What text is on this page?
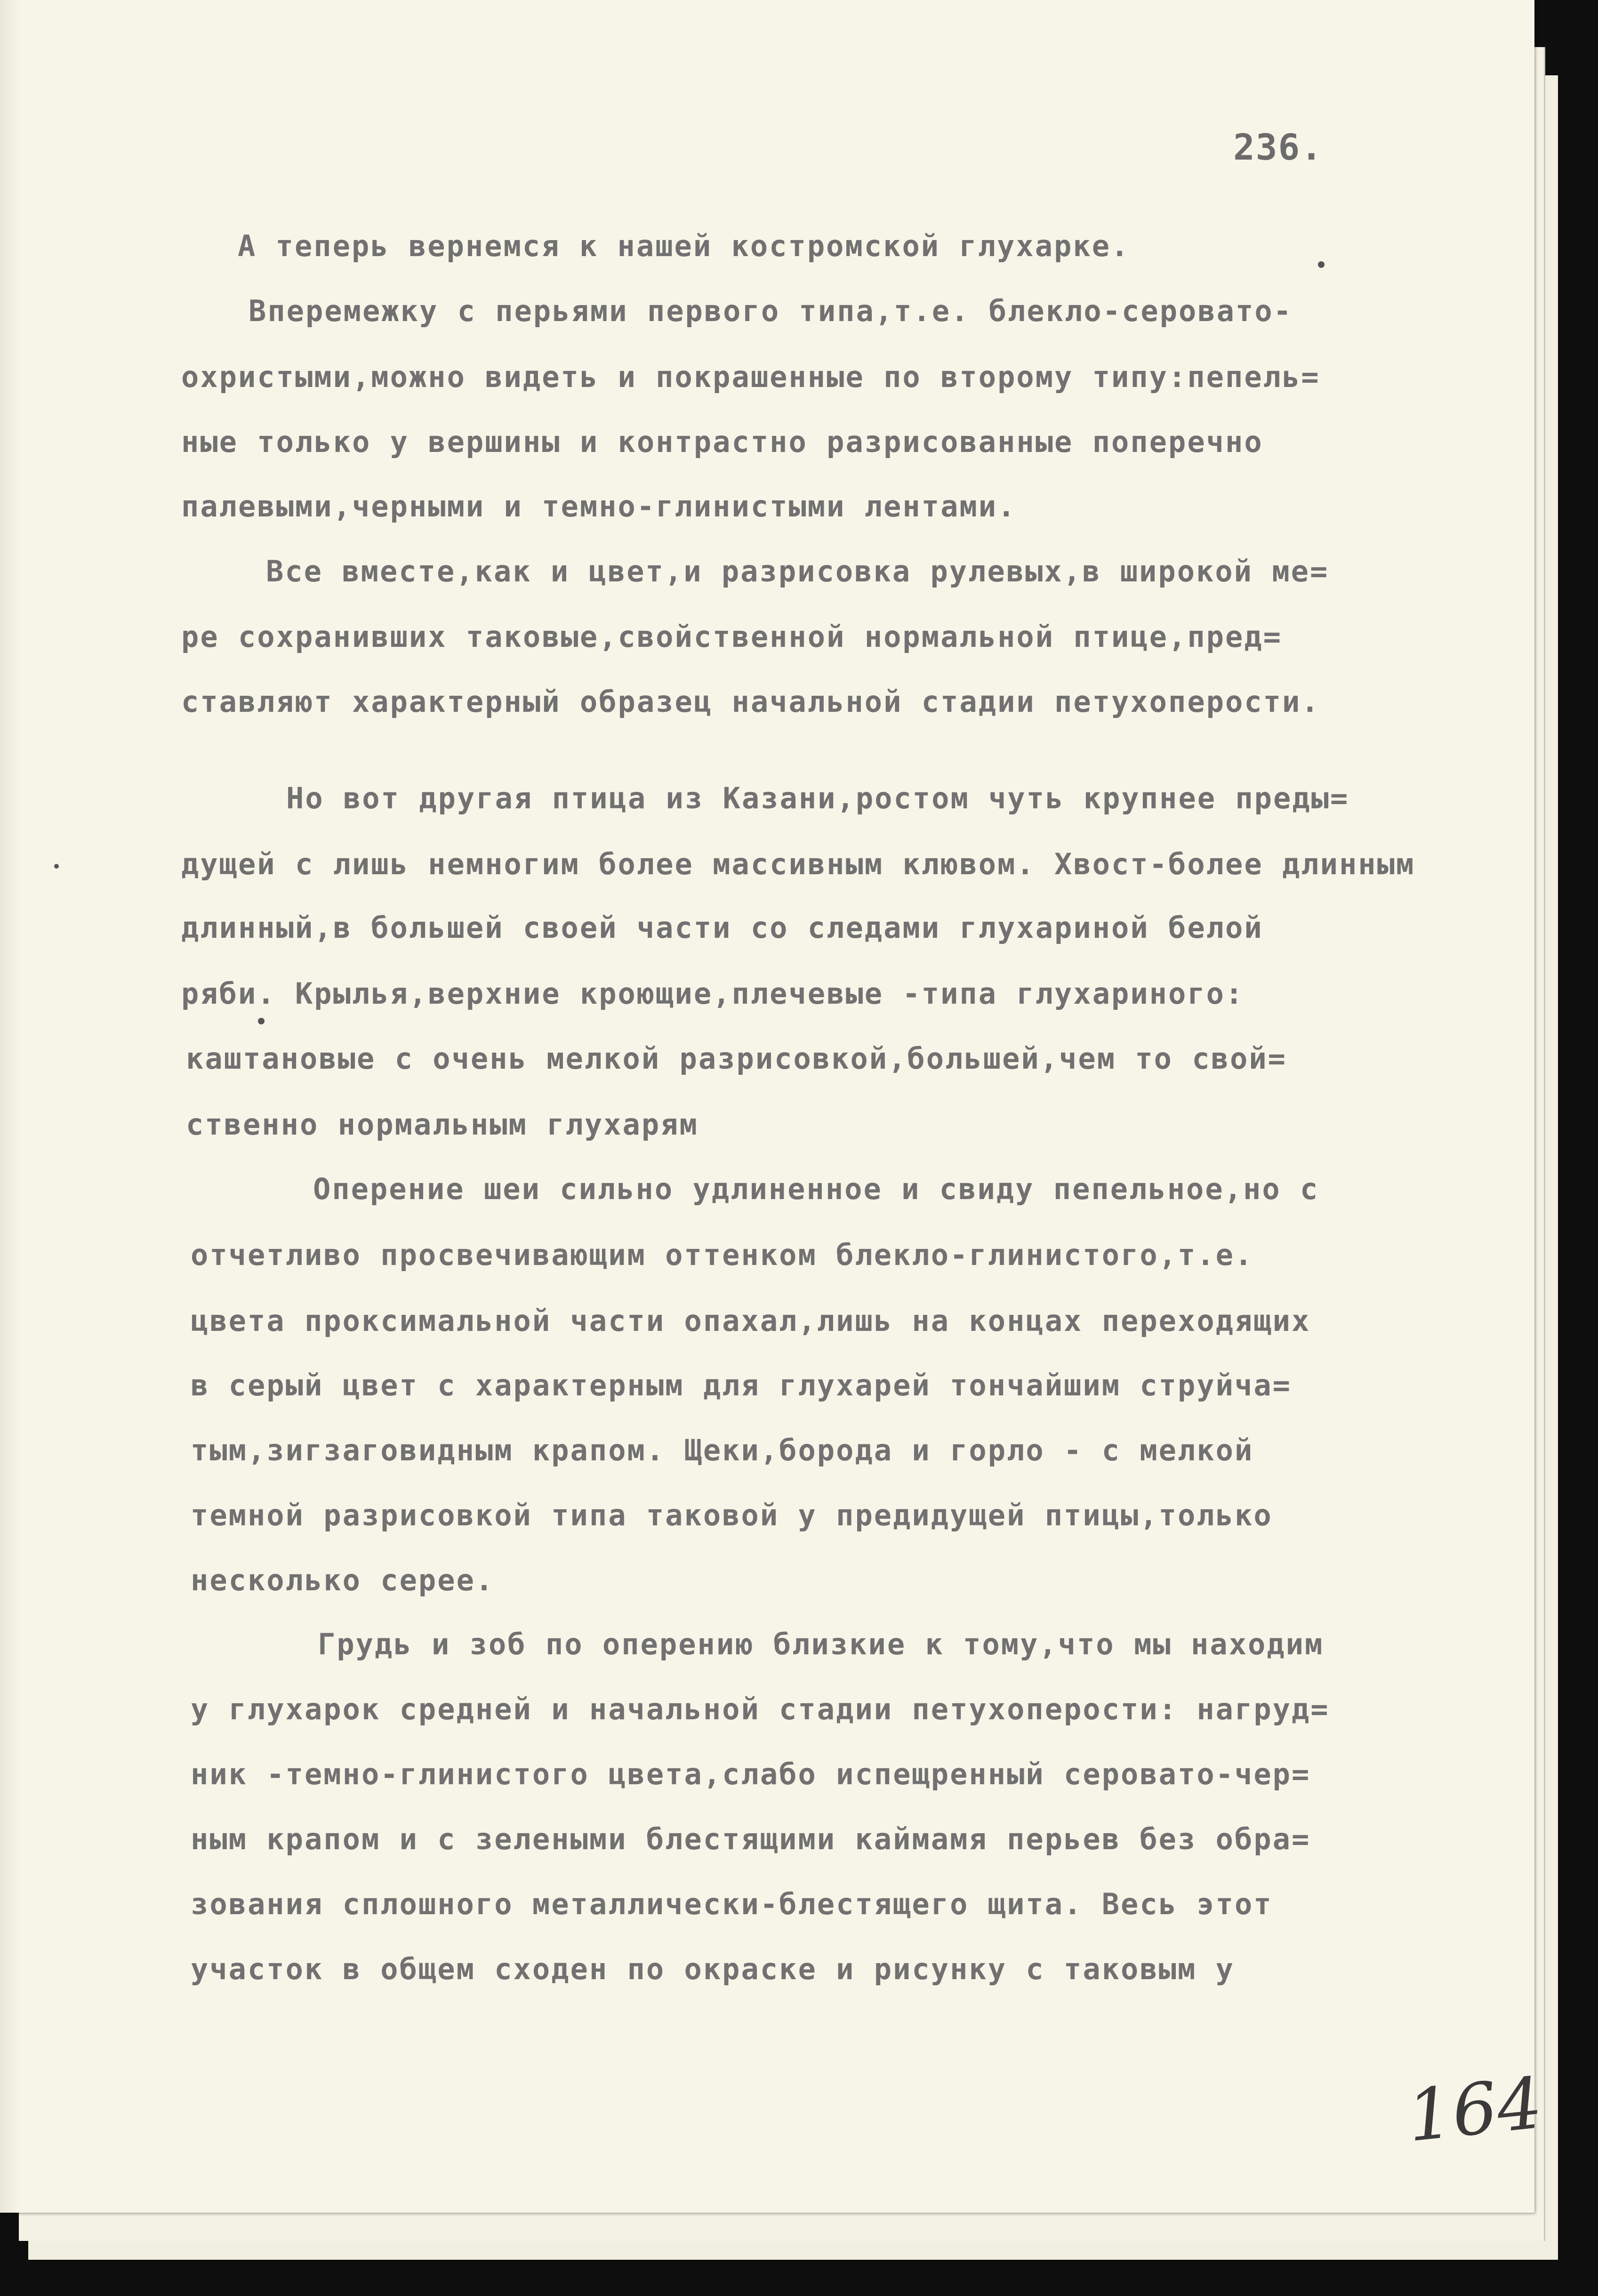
236.
А теперь вернемся к нашей костромской глухарке.
Вперемежку с перьями первого типа,т.е. блекло-серовато-
охристыми,можно видеть и покрашенные по второму типу:пепель=
ные только у вершины и контрастно разрисованные поперечно
палевыми,черными и темно-глинистыми лентами.
Все вместе,как и цвет,и разрисовка рулевых,в широкой ме=
ре сохранивших таковые,свойственной нормальной птице,пред=
ставляют характерный образец начальной стадии петухоперости.
Но вот другая птица из Казани,ростом чуть крупнее преды=
дущей с лишь немногим более массивным клювом. Хвост-более длинным
длинный,в большей своей части со следами глухариной белой
ряби. Крылья,верхние кроющие,плечевые -типа глухариного:
каштановые с очень мелкой разрисовкой,большей,чем то свой=
ственно нормальным глухарям
Оперение шеи сильно удлиненное и свиду пепельное,но с
отчетливо просвечивающим оттенком блекло-глинистого,т.е.
цвета проксимальной части опахал,лишь на концах переходящих
в серый цвет с характерным для глухарей тончайшим струйча=
тым,зигзаговидным крапом. Щеки,борода и горло - с мелкой
темной разрисовкой типа таковой у предидущей птицы,только
несколько серее.
Грудь и зоб по оперению близкие к тому,что мы находим
у глухарок средней и начальной стадии петухоперости: нагруд=
ник -темно-глинистого цвета,слабо испещренный серовато-чер=
ным крапом и с зелеными блестящими каймамя перьев без обра=
зования сплошного металлически-блестящего щита. Весь этот
участок в общем сходен по окраске и рисунку с таковым у
164
